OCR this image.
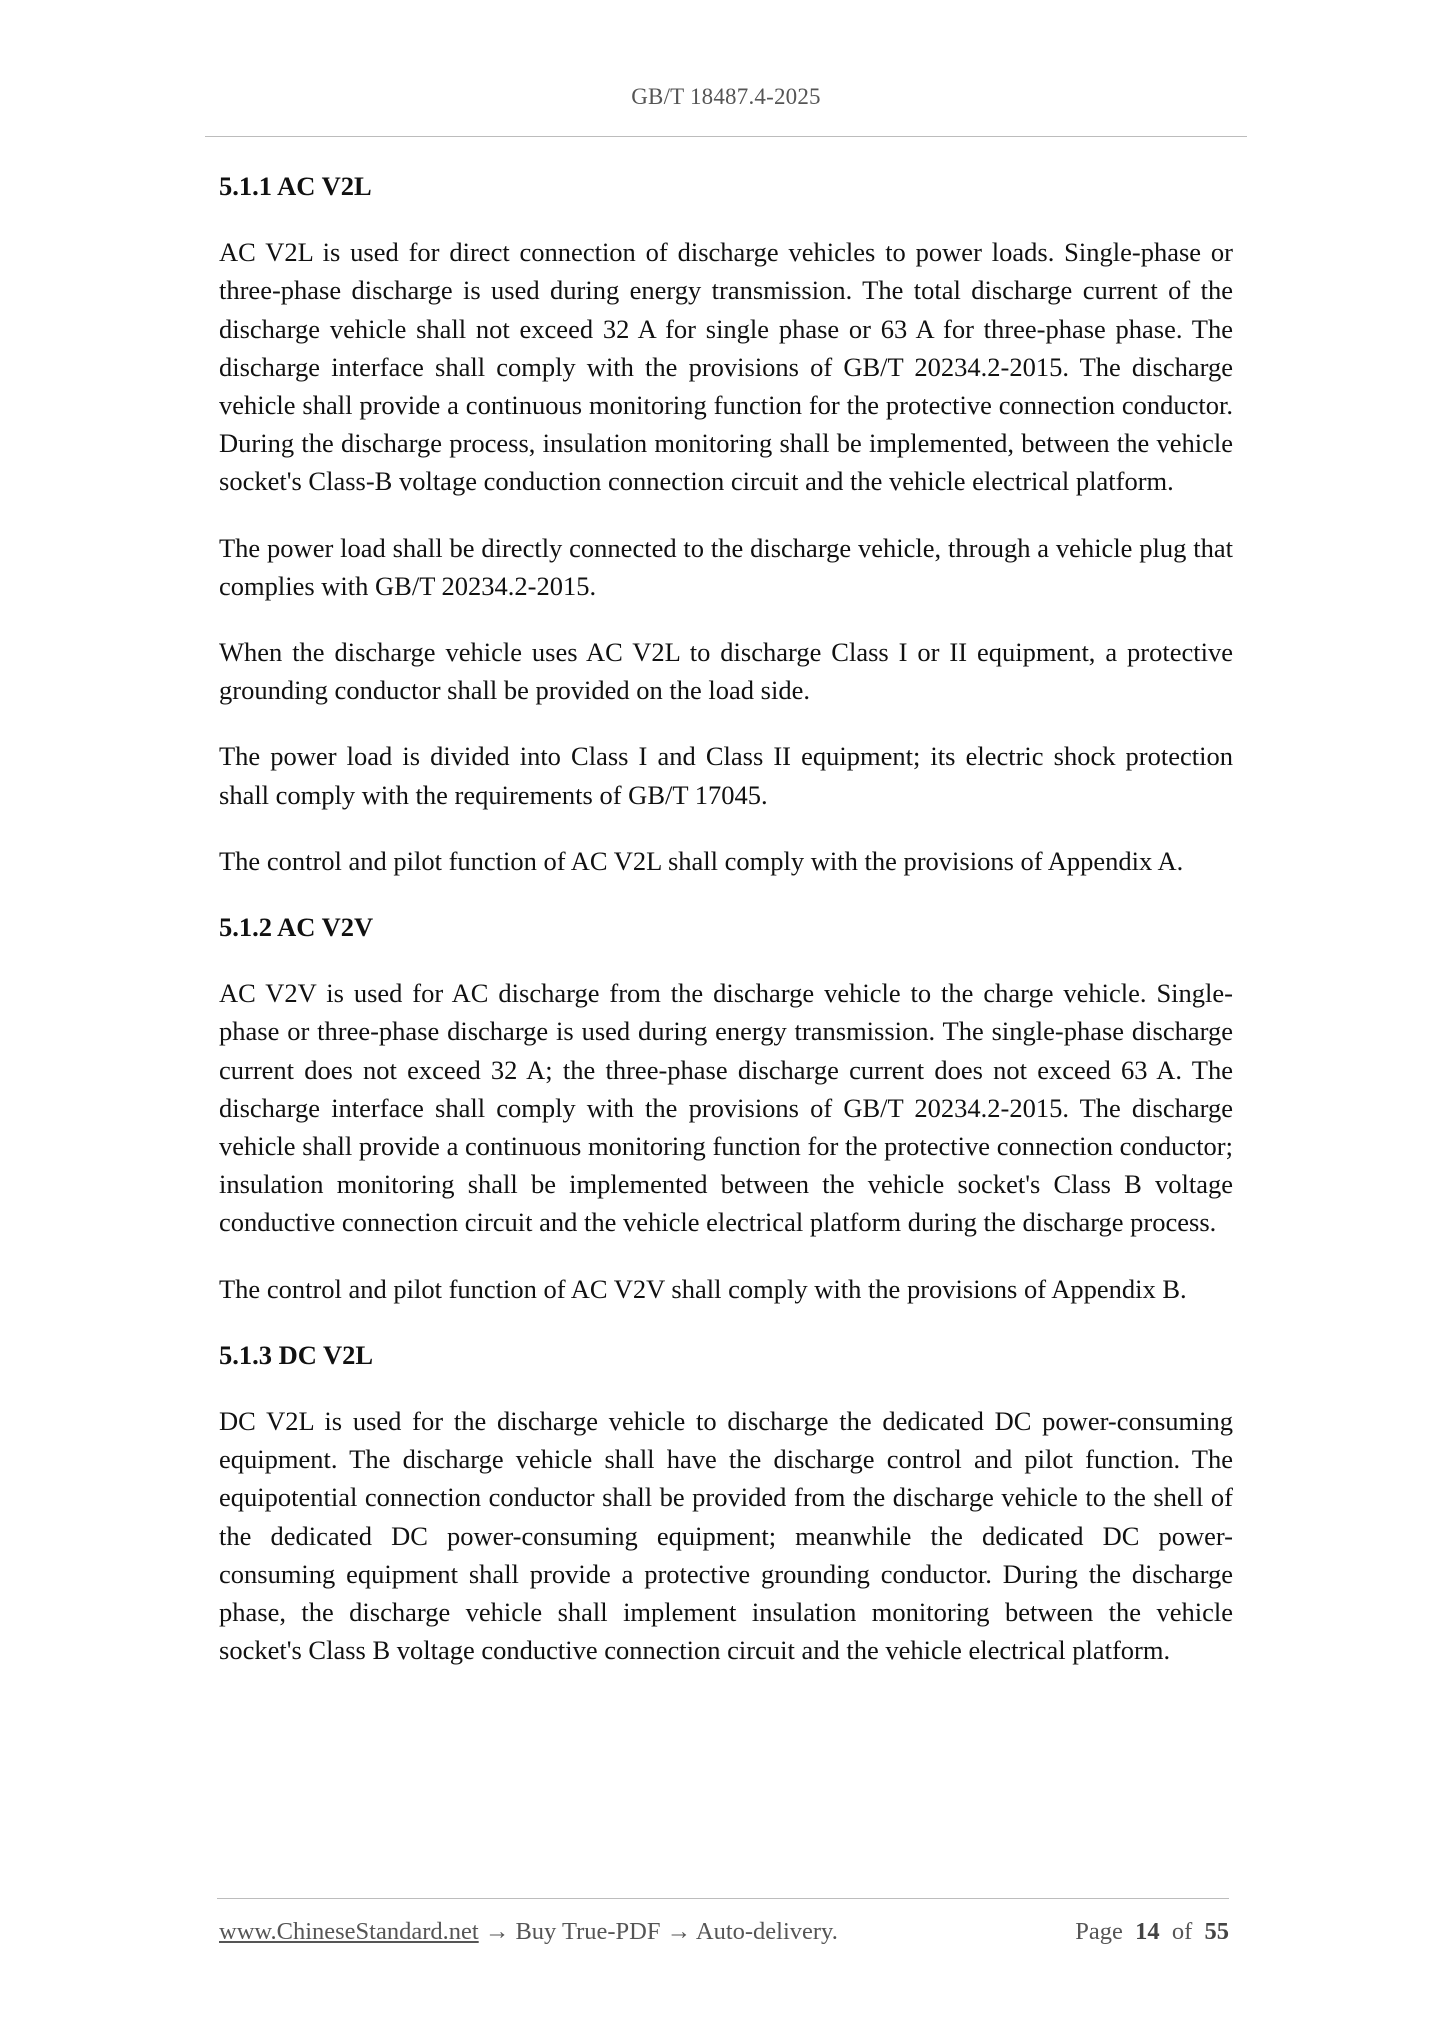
GB/T 18487.4-2025
5.1.1 AC V2L

AC V2L is used for direct connection of discharge vehicles to power loads. Single-phase or three-phase discharge is used during energy transmission. The total discharge current of the discharge vehicle shall not exceed 32 A for single phase or 63 A for three-phase phase. The discharge interface shall comply with the provisions of GB/T 20234.2-2015. The discharge vehicle shall provide a continuous monitoring function for the protective connection conductor. During the discharge process, insulation monitoring shall be implemented, between the vehicle socket's Class-B voltage conduction connection circuit and the vehicle electrical platform.

The power load shall be directly connected to the discharge vehicle, through a vehicle plug that complies with GB/T 20234.2-2015.

When the discharge vehicle uses AC V2L to discharge Class I or II equipment, a protective grounding conductor shall be provided on the load side.

The power load is divided into Class I and Class II equipment; its electric shock protection shall comply with the requirements of GB/T 17045.

The control and pilot function of AC V2L shall comply with the provisions of Appendix A.

5.1.2 AC V2V

AC V2V is used for AC discharge from the discharge vehicle to the charge vehicle. Single-phase or three-phase discharge is used during energy transmission. The single-phase discharge current does not exceed 32 A; the three-phase discharge current does not exceed 63 A. The discharge interface shall comply with the provisions of GB/T 20234.2-2015. The discharge vehicle shall provide a continuous monitoring function for the protective connection conductor; insulation monitoring shall be implemented between the vehicle socket's Class B voltage conductive connection circuit and the vehicle electrical platform during the discharge process.

The control and pilot function of AC V2V shall comply with the provisions of Appendix B.

5.1.3 DC V2L

DC V2L is used for the discharge vehicle to discharge the dedicated DC power-consuming equipment. The discharge vehicle shall have the discharge control and pilot function. The equipotential connection conductor shall be provided from the discharge vehicle to the shell of the dedicated DC power-consuming equipment; meanwhile the dedicated DC power-consuming equipment shall provide a protective grounding conductor. During the discharge phase, the discharge vehicle shall implement insulation monitoring between the vehicle socket's Class B voltage conductive connection circuit and the vehicle electrical platform.

www.ChineseStandard.net → Buy True-PDF → Auto-delivery.	Page 14 of 55
